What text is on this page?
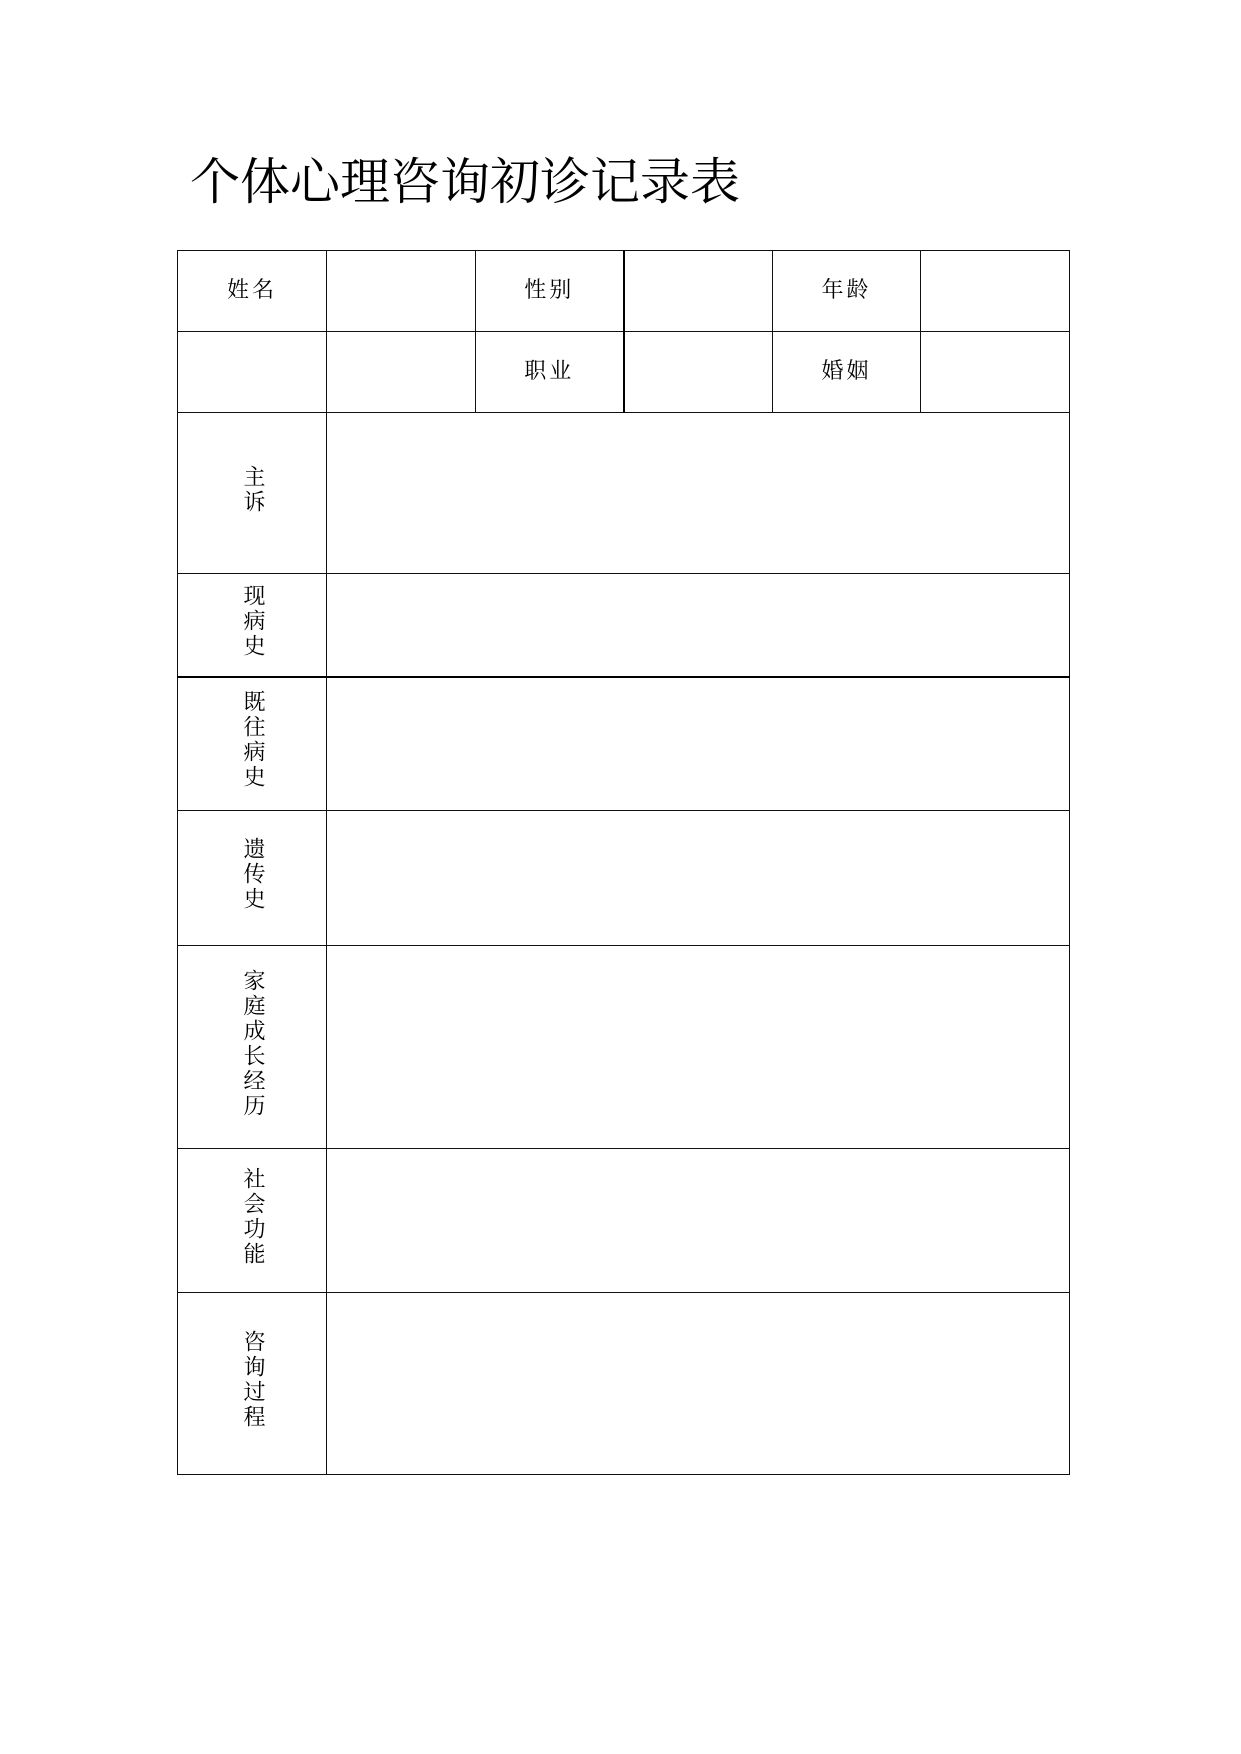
个体心理咨询初诊记录表
姓名		性别		年龄	
		职业		婚姻	
主诉					
现病史					
既往病史					
遗传史					
家庭成长经历					
社会功能					
咨询过程					
